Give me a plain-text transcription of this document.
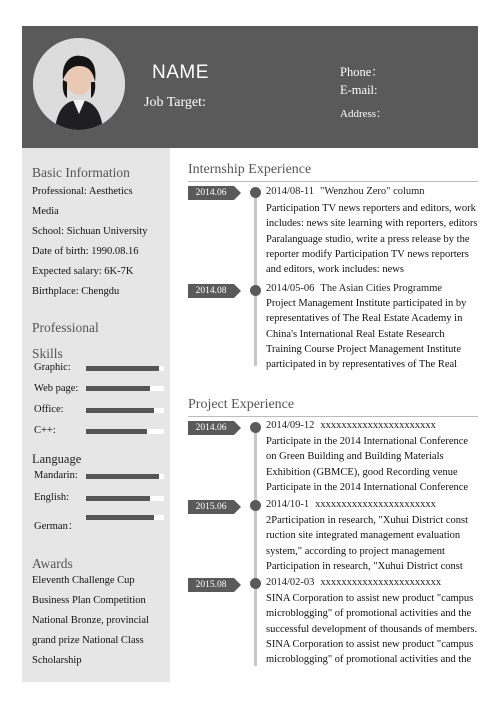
NAME
Job Target:
Phone：
E-mail:
Address：
Basic Information
Professional: Aesthetics
Media
School: Sichuan University
Date of birth: 1990.08.16
Expected salary: 6K-7K
Birthplace: Chengdu
Professional
Skills
Graphic:
Web page:
Office:
C++:
Language
Mandarin:
English:
German：
Awards
Eleventh Challenge Cup
Business Plan Competition
National Bronze, provincial
grand prize National Class
Scholarship
Internship Experience
2014.06	2014/08-11 "Wenzhou Zero" column
Participation TV news reporters and editors, work includes: news site learning with reporters, editors Paralanguage studio, write a press release by the reporter modify Participation TV news reporters and editors, work includes: news
2014.08	2014/05-06 The Asian Cities Programme
Project Management Institute participated in by representatives of The Real Estate Academy in China's International Real Estate Research Training Course Project Management Institute participated in by representatives of The Real
Project Experience
2014.06	2014/09-12 xxxxxxxxxxxxxxxxxxxxxx
Participate in the 2014 International Conference on Green Building and Building Materials Exhibition (GBMCE), good Recording venue Participate in the 2014 International Conference
2015.06	2014/10-1 xxxxxxxxxxxxxxxxxxxxxxx
2Participation in research, "Xuhui District const ruction site integrated management evaluation system," according to project management Participation in research, "Xuhui District const
2015.08	2014/02-03 xxxxxxxxxxxxxxxxxxxxxxx
SINA Corporation to assist new product "campus microblogging" of promotional activities and the successful development of thousands of members. SINA Corporation to assist new product "campus microblogging" of promotional activities and the
